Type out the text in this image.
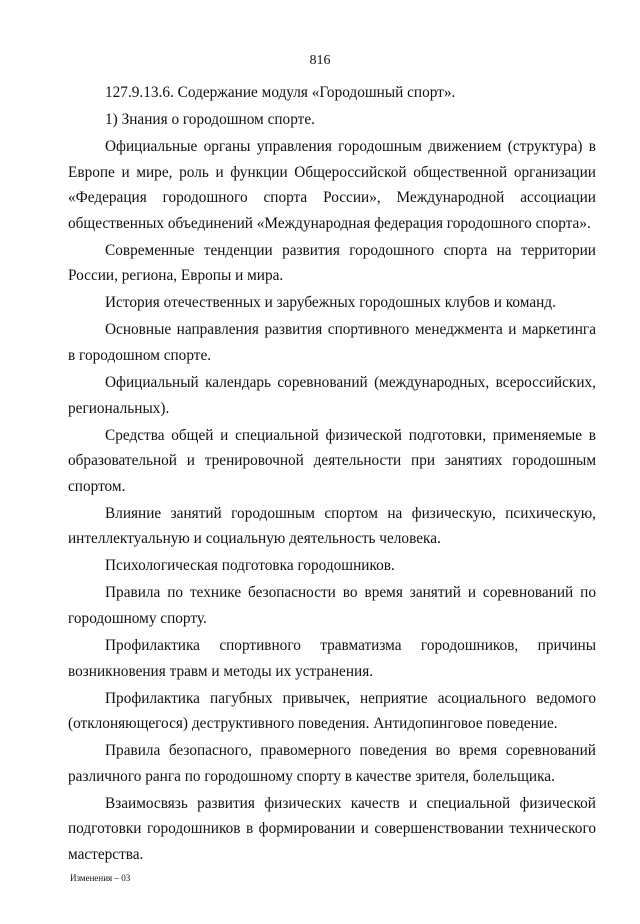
816

127.9.13.6. Содержание модуля «Городошный спорт».

1) Знания о городошном спорте.

Официальные органы управления городошным движением (структура) в Европе и мире, роль и функции Общероссийской общественной организации «Федерация городошного спорта России», Международной ассоциации общественных объединений «Международная федерация городошного спорта».

Современные тенденции развития городошного спорта на территории России, региона, Европы и мира.

История отечественных и зарубежных городошных клубов и команд.

Основные направления развития спортивного менеджмента и маркетинга в городошном спорте.

Официальный календарь соревнований (международных, всероссийских, региональных).

Средства общей и специальной физической подготовки, применяемые в образовательной и тренировочной деятельности при занятиях городошным спортом.

Влияние занятий городошным спортом на физическую, психическую, интеллектуальную и социальную деятельность человека.

Психологическая подготовка городошников.

Правила по технике безопасности во время занятий и соревнований по городошному спорту.

Профилактика спортивного травматизма городошников, причины возникновения травм и методы их устранения.

Профилактика пагубных привычек, неприятие асоциального ведомого (отклоняющегося) деструктивного поведения. Антидопинговое поведение.

Правила безопасного, правомерного поведения во время соревнований различного ранга по городошному спорту в качестве зрителя, болельщика.

Взаимосвязь развития физических качеств и специальной физической подготовки городошников в формировании и совершенствовании технического мастерства.

Изменения – 03
